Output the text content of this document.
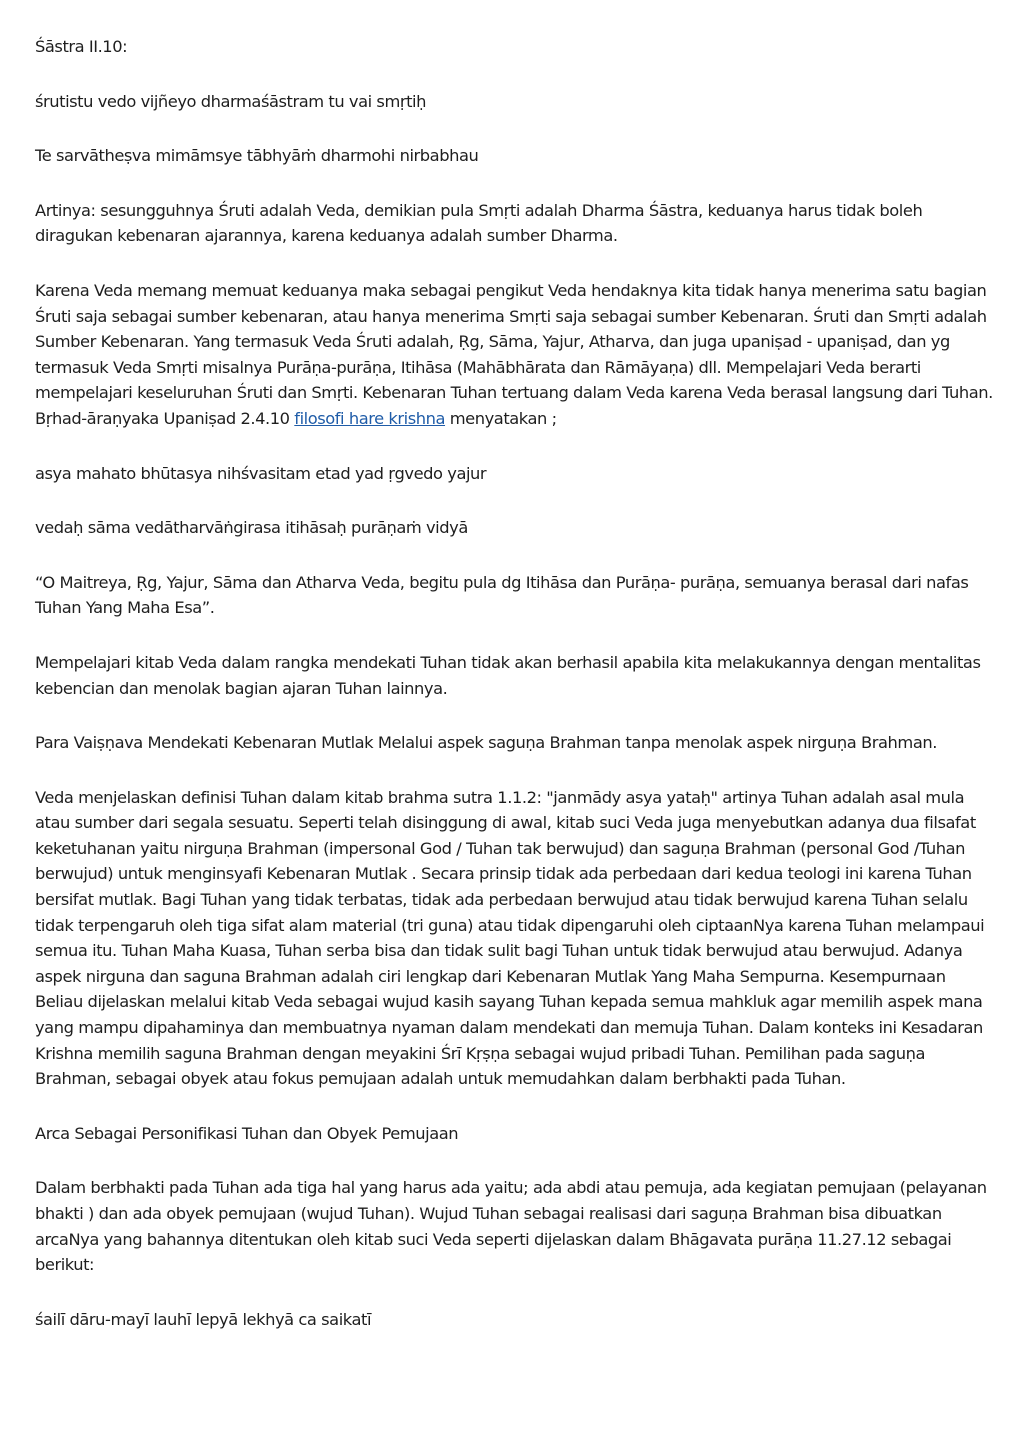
Śāstra II.10:

śrutistu vedo vijñeyo dharmaśāstram tu vai smṛtiḥ

Te sarvātheṣva mimāmsye tābhyāṁ dharmohi nirbabhau

Artinya: sesungguhnya Śruti adalah Veda, demikian pula Smṛti adalah Dharma Śāstra, keduanya harus tidak boleh diragukan kebenaran ajarannya, karena keduanya adalah sumber Dharma.

Karena Veda memang memuat keduanya maka sebagai pengikut Veda hendaknya kita tidak hanya menerima satu bagian Śruti saja sebagai sumber kebenaran, atau hanya menerima Smṛti saja sebagai sumber Kebenaran. Śruti dan Smṛti adalah Sumber Kebenaran. Yang termasuk Veda Śruti adalah, Ṛg, Sāma, Yajur, Atharva, dan juga upaniṣad - upaniṣad, dan yg termasuk Veda Smṛti misalnya Purāṇa-purāṇa, Itihāsa (Mahābhārata dan Rāmāyaṇa) dll. Mempelajari Veda berarti mempelajari keseluruhan Śruti dan Smṛti. Kebenaran Tuhan tertuang dalam Veda karena Veda berasal langsung dari Tuhan. Bṛhad-āraṇyaka Upaniṣad 2.4.10 filosofi hare krishna menyatakan ;

asya mahato bhūtasya nihśvasitam etad yad ṛgvedo yajur

vedaḥ sāma vedātharvāṅgirasa itihāsaḥ purāṇaṁ vidyā

“O Maitreya, Ṛg, Yajur, Sāma dan Atharva Veda, begitu pula dg Itihāsa dan Purāṇa- purāṇa, semuanya berasal dari nafas Tuhan Yang Maha Esa”.

Mempelajari kitab Veda dalam rangka mendekati Tuhan tidak akan berhasil apabila kita melakukannya dengan mentalitas kebencian dan menolak bagian ajaran Tuhan lainnya.

Para Vaiṣṇava Mendekati Kebenaran Mutlak Melalui aspek saguṇa Brahman tanpa menolak aspek nirguṇa Brahman.

Veda menjelaskan definisi Tuhan dalam kitab brahma sutra 1.1.2: "janmādy asya yataḥ" artinya Tuhan adalah asal mula atau sumber dari segala sesuatu. Seperti telah disinggung di awal, kitab suci Veda juga menyebutkan adanya dua filsafat keketuhanan yaitu nirguṇa Brahman (impersonal God / Tuhan tak berwujud) dan saguṇa Brahman (personal God /Tuhan berwujud) untuk menginsyafi Kebenaran Mutlak . Secara prinsip tidak ada perbedaan dari kedua teologi ini karena Tuhan bersifat mutlak. Bagi Tuhan yang tidak terbatas, tidak ada perbedaan berwujud atau tidak berwujud karena Tuhan selalu tidak terpengaruh oleh tiga sifat alam material (tri guna) atau tidak dipengaruhi oleh ciptaanNya karena Tuhan melampaui semua itu. Tuhan Maha Kuasa, Tuhan serba bisa dan tidak sulit bagi Tuhan untuk tidak berwujud atau berwujud. Adanya aspek nirguna dan saguna Brahman adalah ciri lengkap dari Kebenaran Mutlak Yang Maha Sempurna. Kesempurnaan Beliau dijelaskan melalui kitab Veda sebagai wujud kasih sayang Tuhan kepada semua mahkluk agar memilih aspek mana yang mampu dipahaminya dan membuatnya nyaman dalam mendekati dan memuja Tuhan. Dalam konteks ini Kesadaran Krishna memilih saguna Brahman dengan meyakini Śrī Kṛṣṇa sebagai wujud pribadi Tuhan. Pemilihan pada saguṇa Brahman, sebagai obyek atau fokus pemujaan adalah untuk memudahkan dalam berbhakti pada Tuhan.

Arca Sebagai Personifikasi Tuhan dan Obyek Pemujaan

Dalam berbhakti pada Tuhan ada tiga hal yang harus ada yaitu; ada abdi atau pemuja, ada kegiatan pemujaan (pelayanan bhakti ) dan ada obyek pemujaan (wujud Tuhan). Wujud Tuhan sebagai realisasi dari saguṇa Brahman bisa dibuatkan arcaNya yang bahannya ditentukan oleh kitab suci Veda seperti dijelaskan dalam Bhāgavata purāṇa 11.27.12 sebagai berikut:

śailī dāru-mayī lauhī lepyā lekhyā ca saikatī
